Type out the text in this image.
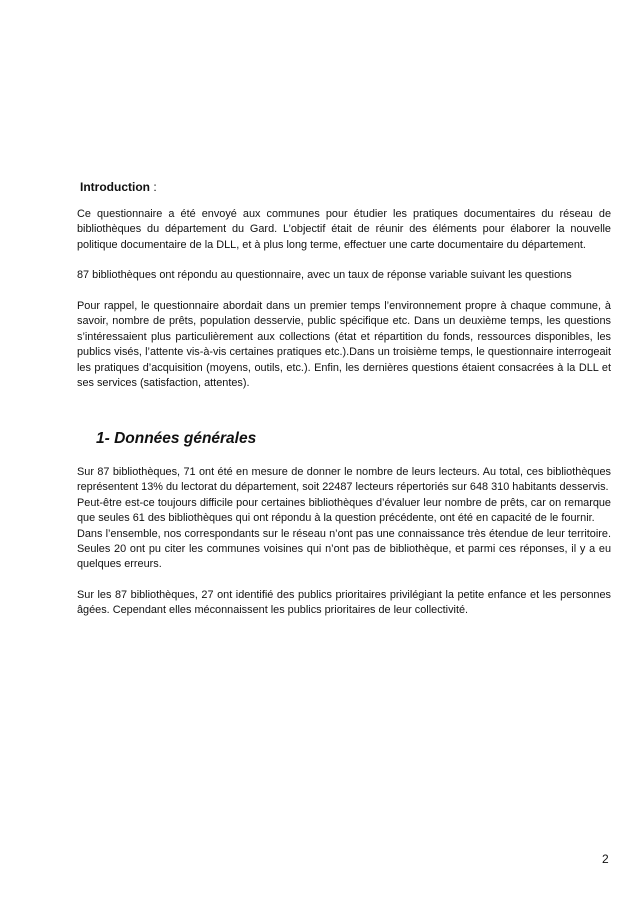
Introduction :

Ce questionnaire a été envoyé aux communes pour étudier les pratiques documentaires du réseau de bibliothèques du département du Gard. L’objectif était de réunir des éléments pour élaborer la nouvelle politique documentaire de la DLL, et à plus long terme, effectuer une carte documentaire du département.

87 bibliothèques ont répondu au questionnaire, avec un taux de réponse variable suivant les questions

Pour rappel, le questionnaire abordait dans un premier temps l’environnement propre à chaque commune, à savoir, nombre de prêts, population desservie, public spécifique etc. Dans un deuxième temps, les questions s’intéressaient plus particulièrement aux collections (état et répartition du fonds, ressources disponibles, les publics visés, l’attente vis-à-vis certaines pratiques etc.).Dans un troisième temps, le questionnaire interrogeait les pratiques d’acquisition (moyens, outils, etc.). Enfin, les dernières questions étaient consacrées à la DLL et ses services (satisfaction, attentes).

1- Données générales
Sur 87 bibliothèques, 71 ont été en mesure de donner le nombre de leurs lecteurs. Au total, ces bibliothèques représentent 13% du lectorat du département, soit 22487 lecteurs répertoriés sur 648 310 habitants desservis.
Peut-être est-ce toujours difficile pour certaines bibliothèques d’évaluer leur nombre de prêts, car on remarque que seules 61 des bibliothèques qui ont répondu à la question précédente, ont été en capacité de le fournir.
Dans l’ensemble, nos correspondants sur le réseau n’ont pas une connaissance très étendue de leur territoire. Seules 20 ont pu citer les communes voisines qui n’ont pas de bibliothèque, et parmi ces réponses, il y a eu quelques erreurs.

Sur les 87 bibliothèques, 27 ont identifié des publics prioritaires privilégiant la petite enfance et les personnes âgées. Cependant elles méconnaissent les publics prioritaires de leur collectivité.

2
